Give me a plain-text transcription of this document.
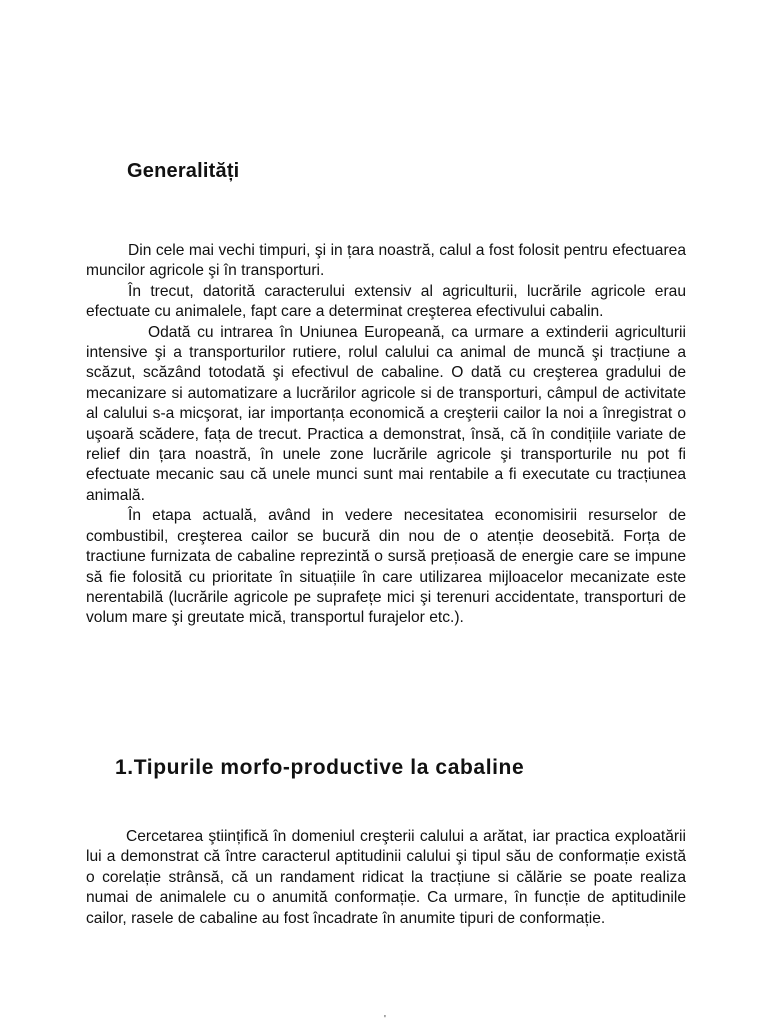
Generalități

Din cele mai vechi timpuri, şi in țara noastră, calul a fost folosit pentru efectuarea muncilor agricole şi în transporturi.

În trecut, datorită caracterului extensiv al agriculturii, lucrările agricole erau efectuate cu animalele, fapt care a determinat creşterea efectivului cabalin.

Odată cu intrarea în Uniunea Europeană, ca urmare a extinderii agriculturii intensive şi a transporturilor rutiere, rolul calului ca animal de muncă şi tracțiune a scăzut, scăzând totodată şi efectivul de cabaline. O dată cu creşterea gradului de mecanizare si automatizare a lucrărilor agricole si de transporturi, câmpul de activitate al calului s-a micşorat, iar importanța economică a creşterii cailor la noi a înregistrat o uşoară scădere, fața de trecut. Practica a demonstrat, însă, că în condițiile variate de relief din țara noastră, în unele zone lucrările agricole şi transporturile nu pot fi efectuate mecanic sau că unele munci sunt mai rentabile a fi executate cu tracțiunea animală.

În etapa actuală, având in vedere necesitatea economisirii resurselor de combustibil, creşterea cailor se bucură din nou de o atenție deosebită. Forța de tractiune furnizata de cabaline reprezintă o sursă prețioasă de energie care se impune să fie folosită cu prioritate în situațiile în care utilizarea mijloacelor mecanizate este nerentabilă (lucrările agricole pe suprafețe mici şi terenuri accidentate, transporturi de volum mare şi greutate mică, transportul furajelor etc.).

1.Tipurile morfo-productive la cabaline

Cercetarea ştiințifică în domeniul creşterii calului a arătat, iar practica exploatării lui a demonstrat că între caracterul aptitudinii calului şi tipul său de conformație există o corelație strânsă, că un randament ridicat la tracțiune si călărie se poate realiza numai de animalele cu o anumită conformație. Ca urmare, în funcție de aptitudinile cailor, rasele de cabaline au fost încadrate în anumite tipuri de conformație.

'
